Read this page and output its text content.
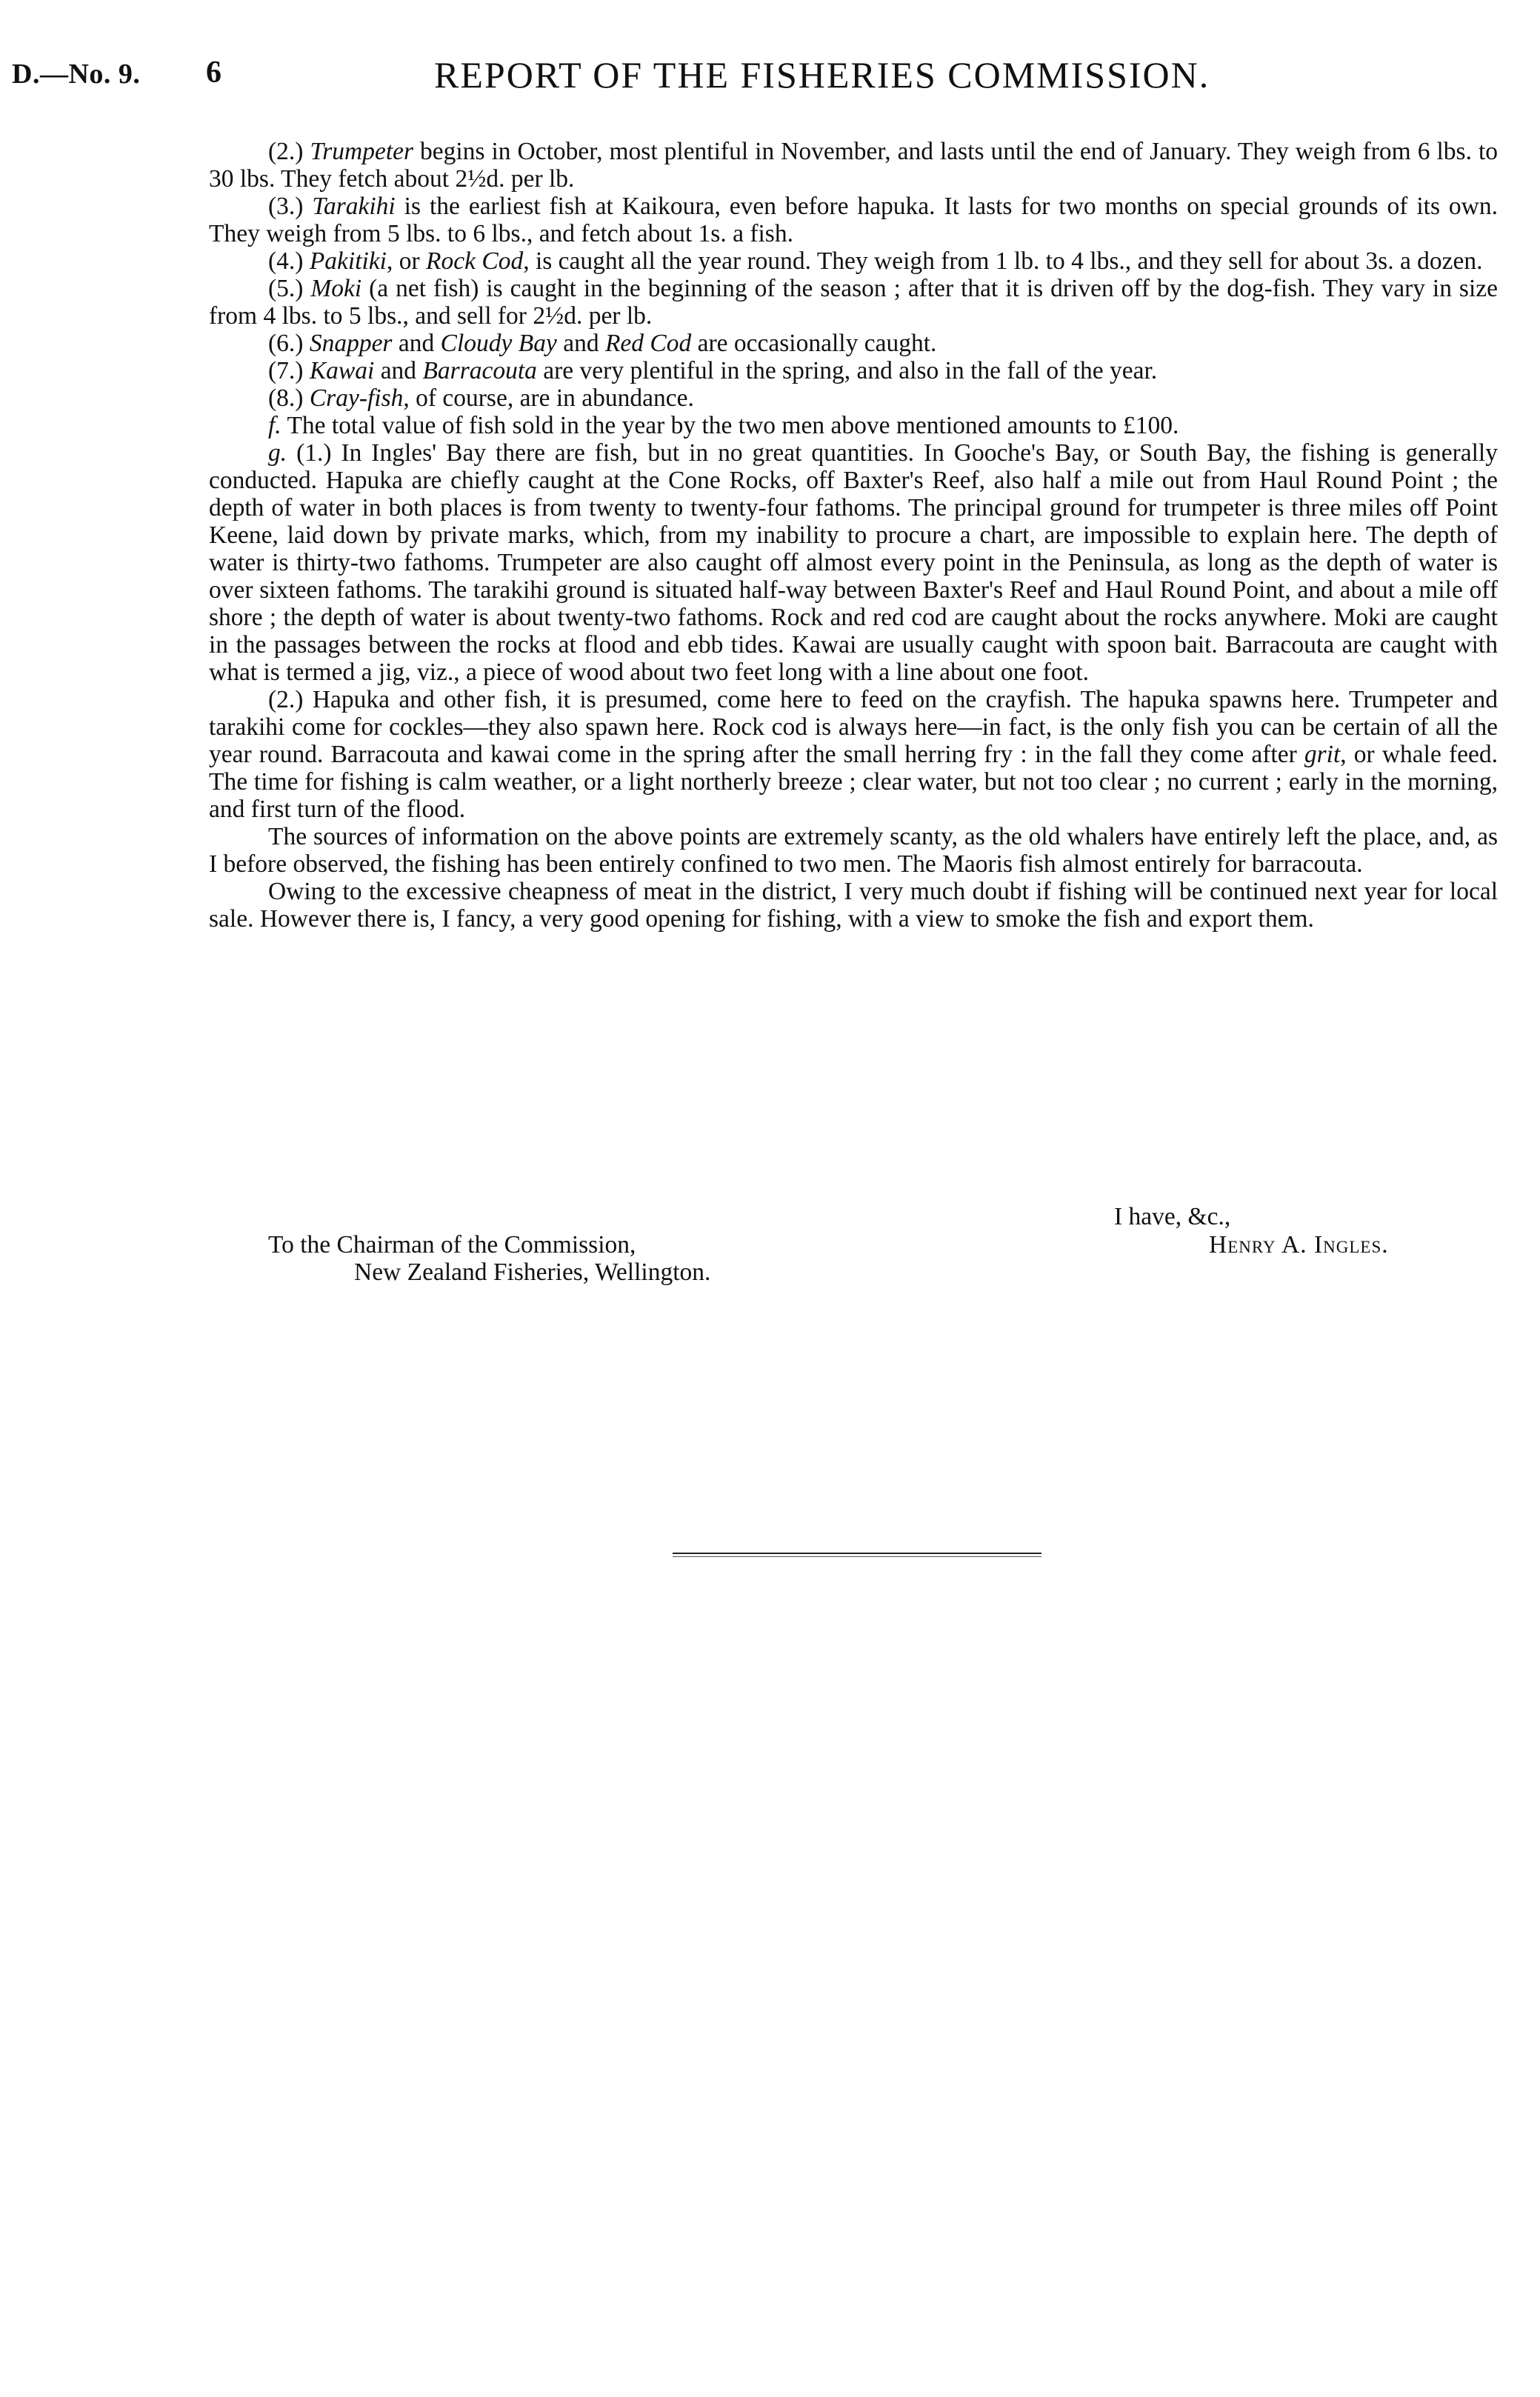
D.—No. 9. 6	REPORT OF THE FISHERIES COMMISSION.

(2.) Trumpeter begins in October, most plentiful in November, and lasts until the end of January. They weigh from 6 lbs. to 30 lbs. They fetch about 2½d. per lb.

(3.) Tarakihi is the earliest fish at Kaikoura, even before hapuka. It lasts for two months on special grounds of its own. They weigh from 5 lbs. to 6 lbs., and fetch about 1s. a fish.

(4.) Pakitiki, or Rock Cod, is caught all the year round. They weigh from 1 lb. to 4 lbs., and they sell for about 3s. a dozen.

(5.) Moki (a net fish) is caught in the beginning of the season ; after that it is driven off by the dog-fish. They vary in size from 4 lbs. to 5 lbs., and sell for 2½d. per lb.

(6.) Snapper and Cloudy Bay and Red Cod are occasionally caught.

(7.) Kawai and Barracouta are very plentiful in the spring, and also in the fall of the year.

(8.) Cray-fish, of course, are in abundance.

f. The total value of fish sold in the year by the two men above mentioned amounts to £100.

g. (1.) In Ingles' Bay there are fish, but in no great quantities. In Gooche's Bay, or South Bay, the fishing is generally conducted. Hapuka are chiefly caught at the Cone Rocks, off Baxter's Reef, also half a mile out from Haul Round Point ; the depth of water in both places is from twenty to twenty-four fathoms. The principal ground for trumpeter is three miles off Point Keene, laid down by private marks, which, from my inability to procure a chart, are impossible to explain here. The depth of water is thirty-two fathoms. Trumpeter are also caught off almost every point in the Peninsula, as long as the depth of water is over sixteen fathoms. The tarakihi ground is situated half-way between Baxter's Reef and Haul Round Point, and about a mile off shore ; the depth of water is about twenty-two fathoms. Rock and red cod are caught about the rocks anywhere. Moki are caught in the passages between the rocks at flood and ebb tides. Kawai are usually caught with spoon bait. Barracouta are caught with what is termed a jig, viz., a piece of wood about two feet long with a line about one foot.

(2.) Hapuka and other fish, it is presumed, come here to feed on the crayfish. The hapuka spawns here. Trumpeter and tarakihi come for cockles—they also spawn here. Rock cod is always here—in fact, is the only fish you can be certain of all the year round. Barracouta and kawai come in the spring after the small herring fry : in the fall they come after grit, or whale feed. The time for fishing is calm weather, or a light northerly breeze ; clear water, but not too clear ; no current ; early in the morning, and first turn of the flood.

The sources of information on the above points are extremely scanty, as the old whalers have entirely left the place, and, as I before observed, the fishing has been entirely confined to two men. The Maoris fish almost entirely for barracouta.

Owing to the excessive cheapness of meat in the district, I very much doubt if fishing will be continued next year for local sale. However there is, I fancy, a very good opening for fishing, with a view to smoke the fish and export them.

I have, &c.,
To the Chairman of the Commission,	Henry A. Ingles.
New Zealand Fisheries, Wellington.
